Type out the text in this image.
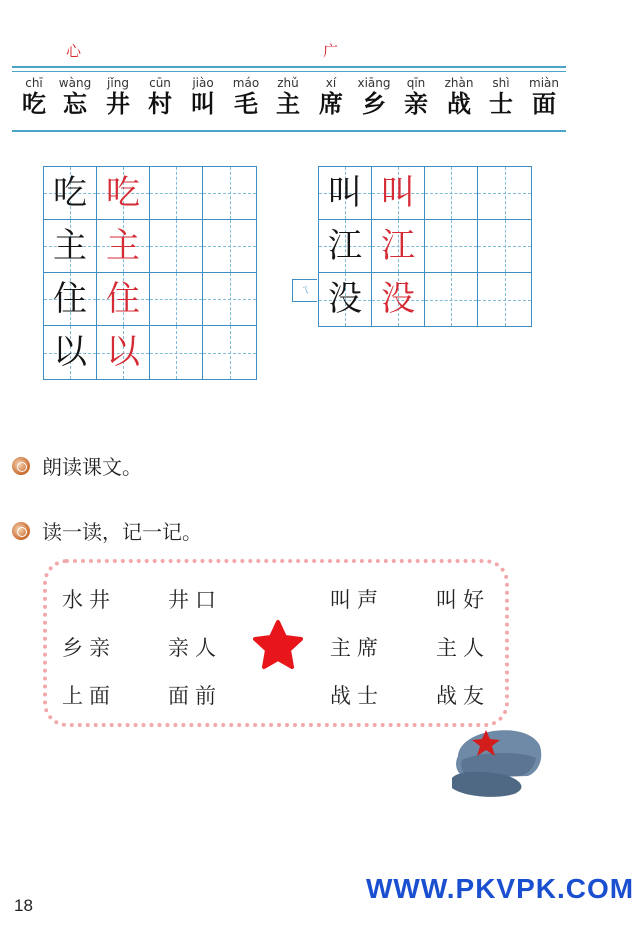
心	广
chī
吃
wàng
忘
jǐng
井
cūn
村
jiào
叫
máo
毛
zhǔ
主
xí
席
xiāng
乡
qīn
亲
zhàn
战
shì
士
miàn
面
吃 吃
主 主
住 住
以 以
叫 叫
江 江
没 没
ㄟ
朗读课文。
读一读，记一记。
水井
乡亲
上面
井口
亲人
面前
叫声
主席
战士
叫好
主人
战友
18
WWW.PKVPK.COM
